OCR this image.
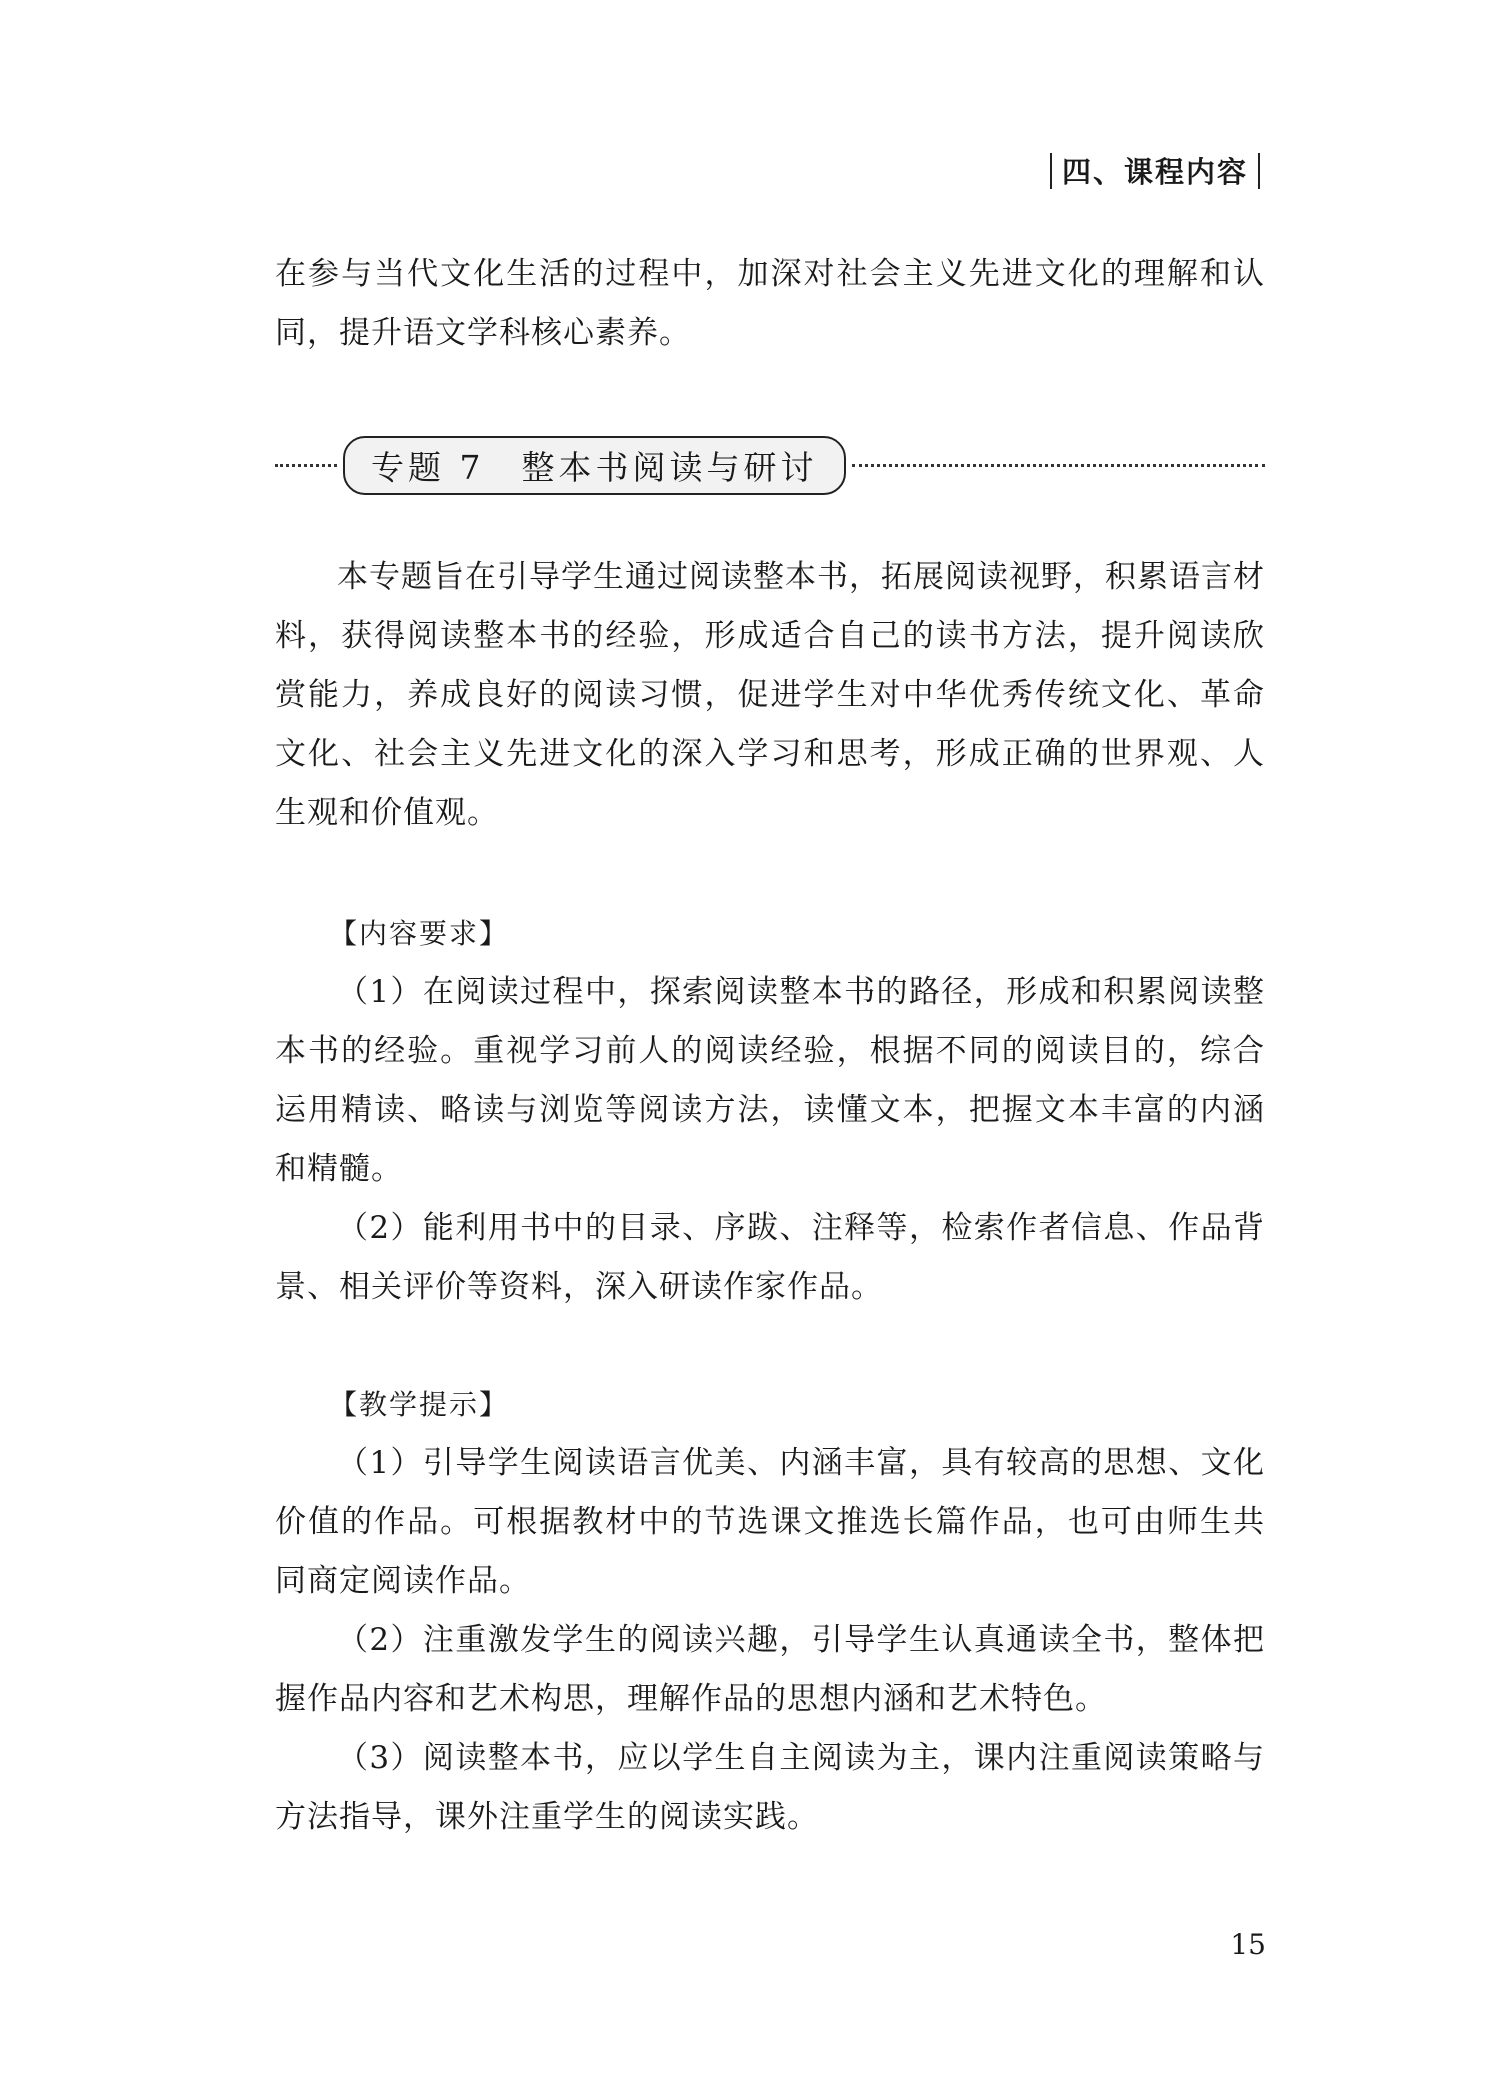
四、课程内容

在参与当代文化生活的过程中，加深对社会主义先进文化的理解和认同，提升语文学科核心素养。

专题 7　整本书阅读与研讨

本专题旨在引导学生通过阅读整本书，拓展阅读视野，积累语言材料，获得阅读整本书的经验，形成适合自己的读书方法，提升阅读欣赏能力，养成良好的阅读习惯，促进学生对中华优秀传统文化、革命文化、社会主义先进文化的深入学习和思考，形成正确的世界观、人生观和价值观。

【内容要求】

（1）在阅读过程中，探索阅读整本书的路径，形成和积累阅读整本书的经验。重视学习前人的阅读经验，根据不同的阅读目的，综合运用精读、略读与浏览等阅读方法，读懂文本，把握文本丰富的内涵和精髓。

（2）能利用书中的目录、序跋、注释等，检索作者信息、作品背景、相关评价等资料，深入研读作家作品。

【教学提示】

（1）引导学生阅读语言优美、内涵丰富，具有较高的思想、文化价值的作品。可根据教材中的节选课文推选长篇作品，也可由师生共同商定阅读作品。

（2）注重激发学生的阅读兴趣，引导学生认真通读全书，整体把握作品内容和艺术构思，理解作品的思想内涵和艺术特色。

（3）阅读整本书，应以学生自主阅读为主，课内注重阅读策略与方法指导，课外注重学生的阅读实践。

15
